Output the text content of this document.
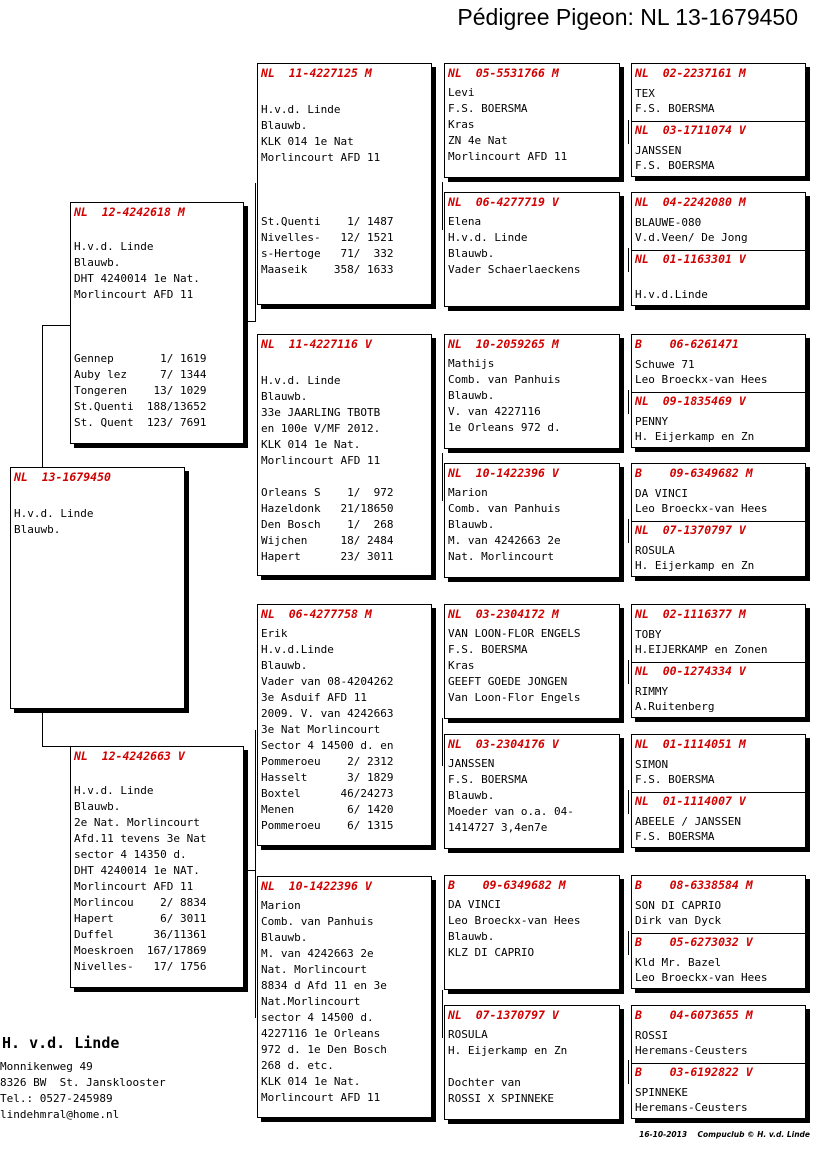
Pédigree Pigeon: NL 13-1679450
NL  13-1679450
H.v.d. Linde
Blauwb.
NL  12-4242618 M
H.v.d. Linde
Blauwb.
DHT 4240014 1e Nat.
Morlincourt AFD 11
Gennep       1/ 1619
Auby lez     7/ 1344
Tongeren    13/ 1029
St.Quenti  188/13652
St. Quent  123/ 7691
NL  12-4242663 V
H.v.d. Linde
Blauwb.
2e Nat. Morlincourt
Afd.11 tevens 3e Nat
sector 4 14350 d.
DHT 4240014 1e NAT.
Morlincourt AFD 11
Morlincou    2/ 8834
Hapert       6/ 3011
Duffel      36/11361
Moeskroen  167/17869
Nivelles-   17/ 1756
NL  11-4227125 M
H.v.d. Linde
Blauwb.
KLK 014 1e Nat
Morlincourt AFD 11
St.Quenti    1/ 1487
Nivelles-   12/ 1521
s-Hertoge   71/  332
Maaseik    358/ 1633
NL  11-4227116 V
H.v.d. Linde
Blauwb.
33e JAARLING TBOTB
en 100e V/MF 2012.
KLK 014 1e Nat.
Morlincourt AFD 11
Orleans S    1/  972
Hazeldonk   21/18650
Den Bosch    1/  268
Wijchen     18/ 2484
Hapert      23/ 3011
NL  06-4277758 M
Erik
H.v.d.Linde
Blauwb.
Vader van 08-4204262
3e Asduif AFD 11
2009. V. van 4242663
3e Nat Morlincourt
Sector 4 14500 d. en
Pommeroeu    2/ 2312
Hasselt      3/ 1829
Boxtel      46/24273
Menen        6/ 1420
Pommeroeu    6/ 1315
NL  10-1422396 V
Marion
Comb. van Panhuis
Blauwb.
M. van 4242663 2e
Nat. Morlincourt
8834 d Afd 11 en 3e
Nat.Morlincourt
sector 4 14500 d.
4227116 1e Orleans
972 d. 1e Den Bosch
268 d. etc.
KLK 014 1e Nat.
Morlincourt AFD 11
NL  05-5531766 M
Levi
F.S. BOERSMA
Kras
ZN 4e Nat
Morlincourt AFD 11
NL  06-4277719 V
Elena
H.v.d. Linde
Blauwb.
Vader Schaerlaeckens
NL  10-2059265 M
Mathijs
Comb. van Panhuis
Blauwb.
V. van 4227116
1e Orleans 972 d.
NL  10-1422396 V
Marion
Comb. van Panhuis
Blauwb.
M. van 4242663 2e
Nat. Morlincourt
NL  03-2304172 M
VAN LOON-FLOR ENGELS
F.S. BOERSMA
Kras
GEEFT GOEDE JONGEN
Van Loon-Flor Engels
NL  03-2304176 V
JANSSEN
F.S. BOERSMA
Blauwb.
Moeder van o.a. 04-
1414727 3,4en7e
B    09-6349682 M
DA VINCI
Leo Broeckx-van Hees
Blauwb.
KLZ DI CAPRIO
NL  07-1370797 V
ROSULA
H. Eijerkamp en Zn
Dochter van
ROSSI X SPINNEKE
NL  02-2237161 M
TEX
F.S. BOERSMA
NL  03-1711074 V
JANSSEN
F.S. BOERSMA
NL  04-2242080 M
BLAUWE-080
V.d.Veen/ De Jong
NL  01-1163301 V
H.v.d.Linde
B    06-6261471
Schuwe 71
Leo Broeckx-van Hees
NL  09-1835469 V
PENNY
H. Eijerkamp en Zn
B    09-6349682 M
DA VINCI
Leo Broeckx-van Hees
NL  07-1370797 V
ROSULA
H. Eijerkamp en Zn
NL  02-1116377 M
TOBY
H.EIJERKAMP en Zonen
NL  00-1274334 V
RIMMY
A.Ruitenberg
NL  01-1114051 M
SIMON
F.S. BOERSMA
NL  01-1114007 V
ABEELE / JANSSEN
F.S. BOERSMA
B    08-6338584 M
SON DI CAPRIO
Dirk van Dyck
B    05-6273032 V
Kld Mr. Bazel
Leo Broeckx-van Hees
B    04-6073655 M
ROSSI
Heremans-Ceusters
B    03-6192822 V
SPINNEKE
Heremans-Ceusters
H. v.d. Linde
Monnikenweg 49
8326 BW  St. Jansklooster
Tel.: 0527-245989
lindehmral@home.nl
16-10-2013    Compuclub © H. v.d. Linde
